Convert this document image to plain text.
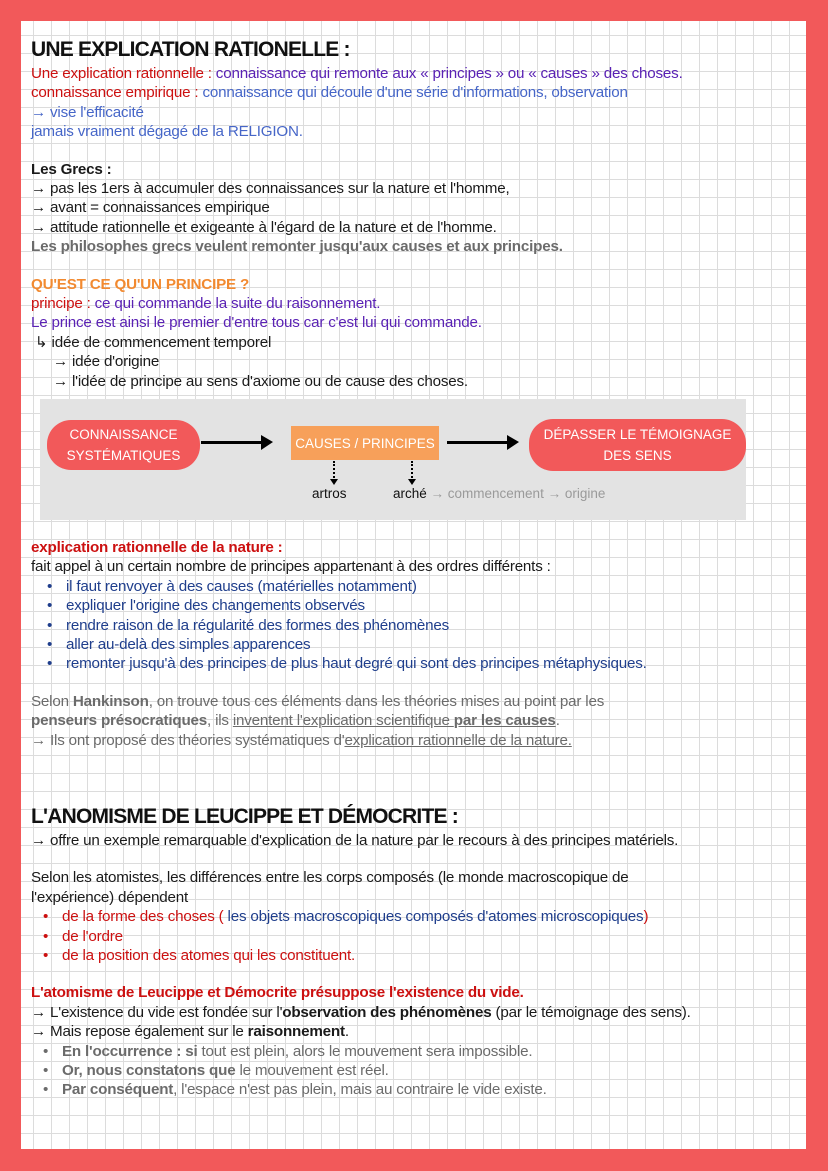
UNE EXPLICATION RATIONELLE :
Une explication rationnelle : connaissance qui remonte aux « principes » ou « causes » des choses.
connaissance empirique : connaissance qui découle d'une série d'informations, observation
→ vise l'efficacité
jamais vraiment dégagé de la RELIGION.
Les Grecs :
→ pas les 1ers à accumuler des connaissances sur la nature et l'homme,
→ avant = connaissances empirique
→ attitude rationnelle et exigeante à l'égard de la nature et de l'homme.
Les philosophes grecs veulent remonter jusqu'aux causes et aux principes.
QU'EST CE QU'UN PRINCIPE ?
principe : ce qui commande la suite du raisonnement.
Le prince est ainsi le premier d'entre tous car c'est lui qui commande.
↳ idée de commencement temporel
→ idée d'origine
→ l'idée de principe au sens d'axiome ou de cause des choses.
CONNAISSANCE
SYSTÉMATIQUES
CAUSES / PRINCIPES
DÉPASSER LE TÉMOIGNAGE
DES SENS
artros	arché → commencement → origine
explication rationnelle de la nature :
fait appel à un certain nombre de principes appartenant à des ordres différents :
• il faut renvoyer à des causes (matérielles notamment)
• expliquer l'origine des changements observés
• rendre raison de la régularité des formes des phénomènes
• aller au-delà des simples apparences
• remonter jusqu'à des principes de plus haut degré qui sont des principes métaphysiques.
Selon Hankinson, on trouve tous ces éléments dans les théories mises au point par les
penseurs présocratiques, ils inventent l'explication scientifique par les causes.
→ Ils ont proposé des théories systématiques d'explication rationnelle de la nature.
L'ANOMISME DE LEUCIPPE ET DÉMOCRITE :
→ offre un exemple remarquable d'explication de la nature par le recours à des principes matériels.
Selon les atomistes, les différences entre les corps composés (le monde macroscopique de
l'expérience) dépendent
• de la forme des choses ( les objets macroscopiques composés d'atomes microscopiques)
• de l'ordre
• de la position des atomes qui les constituent.
L'atomisme de Leucippe et Démocrite présuppose l'existence du vide.
→ L'existence du vide est fondée sur l'observation des phénomènes (par le témoignage des sens).
→ Mais repose également sur le raisonnement.
• En l'occurrence : si tout est plein, alors le mouvement sera impossible.
• Or, nous constatons que le mouvement est réel.
• Par conséquent, l'espace n'est pas plein, mais au contraire le vide existe.
